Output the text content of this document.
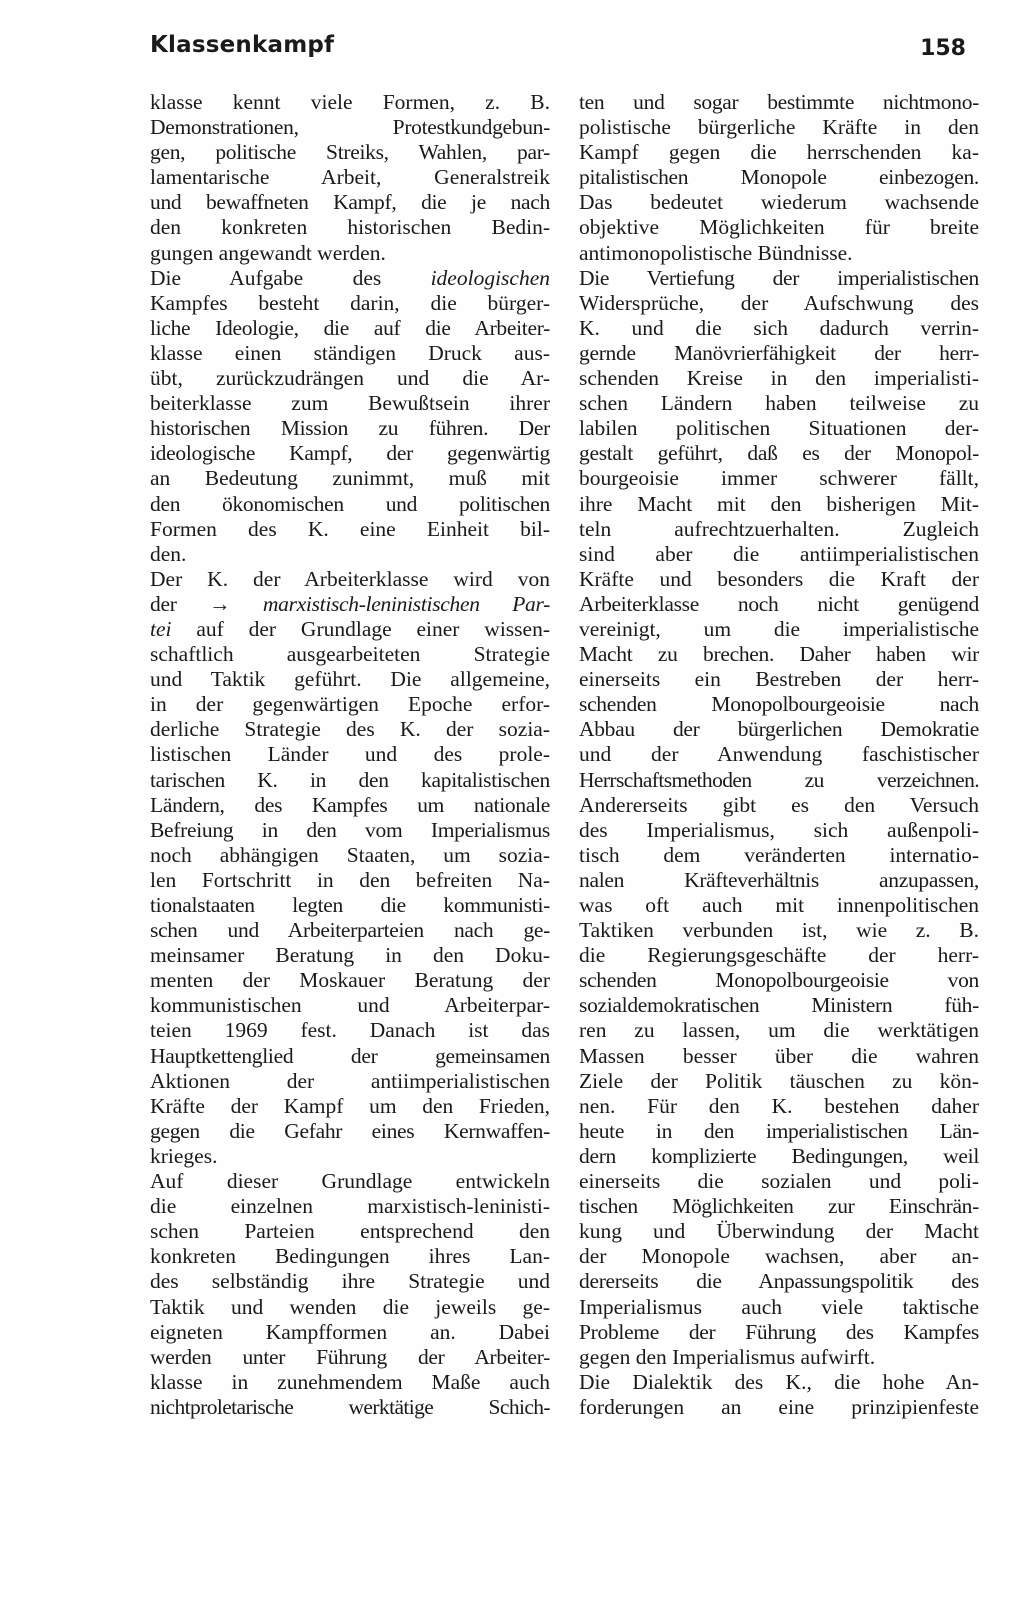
Klassenkampf	158
klasse kennt viele Formen, z. B.
Demonstrationen, Protestkundgebun-
gen, politische Streiks, Wahlen, par-
lamentarische Arbeit, Generalstreik
und bewaffneten Kampf, die je nach
den konkreten historischen Bedin-
gungen angewandt werden.
Die Aufgabe des ideologischen
Kampfes besteht darin, die bürger-
liche Ideologie, die auf die Arbeiter-
klasse einen ständigen Druck aus-
übt, zurückzudrängen und die Ar-
beiterklasse zum Bewußtsein ihrer
historischen Mission zu führen. Der
ideologische Kampf, der gegenwärtig
an Bedeutung zunimmt, muß mit
den ökonomischen und politischen
Formen des K. eine Einheit bil-
den.
Der K. der Arbeiterklasse wird von
der → marxistisch-leninistischen Par-
tei auf der Grundlage einer wissen-
schaftlich ausgearbeiteten Strategie
und Taktik geführt. Die allgemeine,
in der gegenwärtigen Epoche erfor-
derliche Strategie des K. der sozia-
listischen Länder und des prole-
tarischen K. in den kapitalistischen
Ländern, des Kampfes um nationale
Befreiung in den vom Imperialismus
noch abhängigen Staaten, um sozia-
len Fortschritt in den befreiten Na-
tionalstaaten legten die kommunisti-
schen und Arbeiterparteien nach ge-
meinsamer Beratung in den Doku-
menten der Moskauer Beratung der
kommunistischen und Arbeiterpar-
teien 1969 fest. Danach ist das
Hauptkettenglied der gemeinsamen
Aktionen der antiimperialistischen
Kräfte der Kampf um den Frieden,
gegen die Gefahr eines Kernwaffen-
krieges.
Auf dieser Grundlage entwickeln
die einzelnen marxistisch-leninisti-
schen Parteien entsprechend den
konkreten Bedingungen ihres Lan-
des selbständig ihre Strategie und
Taktik und wenden die jeweils ge-
eigneten Kampfformen an. Dabei
werden unter Führung der Arbeiter-
klasse in zunehmendem Maße auch
nichtproletarische werktätige Schich-
ten und sogar bestimmte nichtmono-
polistische bürgerliche Kräfte in den
Kampf gegen die herrschenden ka-
pitalistischen Monopole einbezogen.
Das bedeutet wiederum wachsende
objektive Möglichkeiten für breite
antimonopolistische Bündnisse.
Die Vertiefung der imperialistischen
Widersprüche, der Aufschwung des
K. und die sich dadurch verrin-
gernde Manövrierfähigkeit der herr-
schenden Kreise in den imperialisti-
schen Ländern haben teilweise zu
labilen politischen Situationen der-
gestalt geführt, daß es der Monopol-
bourgeoisie immer schwerer fällt,
ihre Macht mit den bisherigen Mit-
teln aufrechtzuerhalten. Zugleich
sind aber die antiimperialistischen
Kräfte und besonders die Kraft der
Arbeiterklasse noch nicht genügend
vereinigt, um die imperialistische
Macht zu brechen. Daher haben wir
einerseits ein Bestreben der herr-
schenden Monopolbourgeoisie nach
Abbau der bürgerlichen Demokratie
und der Anwendung faschistischer
Herrschaftsmethoden zu verzeichnen.
Andererseits gibt es den Versuch
des Imperialismus, sich außenpoli-
tisch dem veränderten internatio-
nalen Kräfteverhältnis anzupassen,
was oft auch mit innenpolitischen
Taktiken verbunden ist, wie z. B.
die Regierungsgeschäfte der herr-
schenden Monopolbourgeoisie von
sozialdemokratischen Ministern füh-
ren zu lassen, um die werktätigen
Massen besser über die wahren
Ziele der Politik täuschen zu kön-
nen. Für den K. bestehen daher
heute in den imperialistischen Län-
dern komplizierte Bedingungen, weil
einerseits die sozialen und poli-
tischen Möglichkeiten zur Einschrän-
kung und Überwindung der Macht
der Monopole wachsen, aber an-
dererseits die Anpassungspolitik des
Imperialismus auch viele taktische
Probleme der Führung des Kampfes
gegen den Imperialismus aufwirft.
Die Dialektik des K., die hohe An-
forderungen an eine prinzipienfeste
